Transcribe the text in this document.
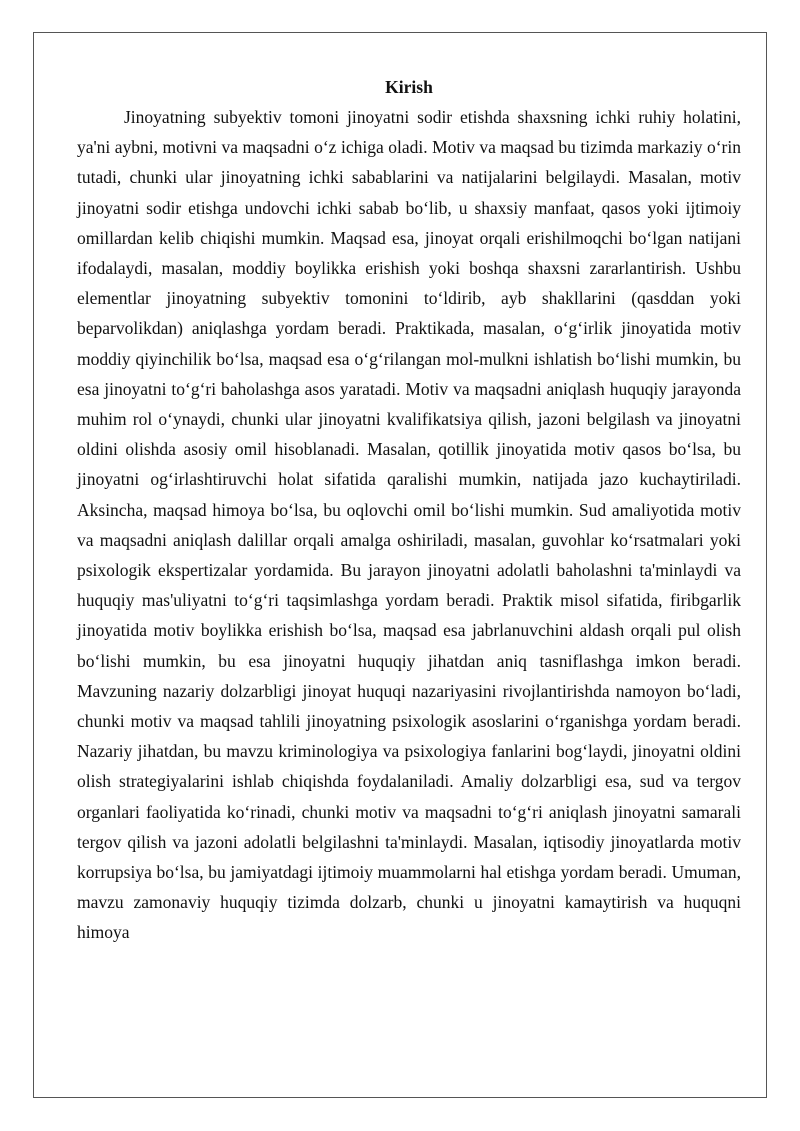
Kirish

Jinoyatning subyektiv tomoni jinoyatni sodir etishda shaxsning ichki ruhiy holatini, ya'ni aybni, motivni va maqsadni o‘z ichiga oladi. Motiv va maqsad bu tizimda markaziy o‘rin tutadi, chunki ular jinoyatning ichki sabablarini va natijalarini belgilaydi. Masalan, motiv jinoyatni sodir etishga undovchi ichki sabab bo‘lib, u shaxsiy manfaat, qasos yoki ijtimoiy omillardan kelib chiqishi mumkin. Maqsad esa, jinoyat orqali erishilmoqchi bo‘lgan natijani ifodalaydi, masalan, moddiy boylikka erishish yoki boshqa shaxsni zararlantirish. Ushbu elementlar jinoyatning subyektiv tomonini to‘ldirib, ayb shakllarini (qasddan yoki beparvolikdan) aniqlashga yordam beradi. Praktikada, masalan, o‘g‘irlik jinoyatida motiv moddiy qiyinchilik bo‘lsa, maqsad esa o‘g‘rilangan mol-mulkni ishlatish bo‘lishi mumkin, bu esa jinoyatni to‘g‘ri baholashga asos yaratadi. Motiv va maqsadni aniqlash huquqiy jarayonda muhim rol o‘ynaydi, chunki ular jinoyatni kvalifikatsiya qilish, jazoni belgilash va jinoyatni oldini olishda asosiy omil hisoblanadi. Masalan, qotillik jinoyatida motiv qasos bo‘lsa, bu jinoyatni og‘irlashtiruvchi holat sifatida qaralishi mumkin, natijada jazo kuchaytiriladi. Aksincha, maqsad himoya bo‘lsa, bu oqlovchi omil bo‘lishi mumkin. Sud amaliyotida motiv va maqsadni aniqlash dalillar orqali amalga oshiriladi, masalan, guvohlar ko‘rsatmalari yoki psixologik ekspertizalar yordamida. Bu jarayon jinoyatni adolatli baholashni ta'minlaydi va huquqiy mas'uliyatni to‘g‘ri taqsimlashga yordam beradi. Praktik misol sifatida, firibgarlik jinoyatida motiv boylikka erishish bo‘lsa, maqsad esa jabrlanuvchini aldash orqali pul olish bo‘lishi mumkin, bu esa jinoyatni huquqiy jihatdan aniq tasniflashga imkon beradi. Mavzuning nazariy dolzarbligi jinoyat huquqi nazariyasini rivojlantirishda namoyon bo‘ladi, chunki motiv va maqsad tahlili jinoyatning psixologik asoslarini o‘rganishga yordam beradi. Nazariy jihatdan, bu mavzu kriminologiya va psixologiya fanlarini bog‘laydi, jinoyatni oldini olish strategiyalarini ishlab chiqishda foydalaniladi. Amaliy dolzarbligi esa, sud va tergov organlari faoliyatida ko‘rinadi, chunki motiv va maqsadni to‘g‘ri aniqlash jinoyatni samarali tergov qilish va jazoni adolatli belgilashni ta'minlaydi. Masalan, iqtisodiy jinoyatlarda motiv korrupsiya bo‘lsa, bu jamiyatdagi ijtimoiy muammolarni hal etishga yordam beradi. Umuman, mavzu zamonaviy huquqiy tizimda dolzarb, chunki u jinoyatni kamaytirish va huquqni himoya
